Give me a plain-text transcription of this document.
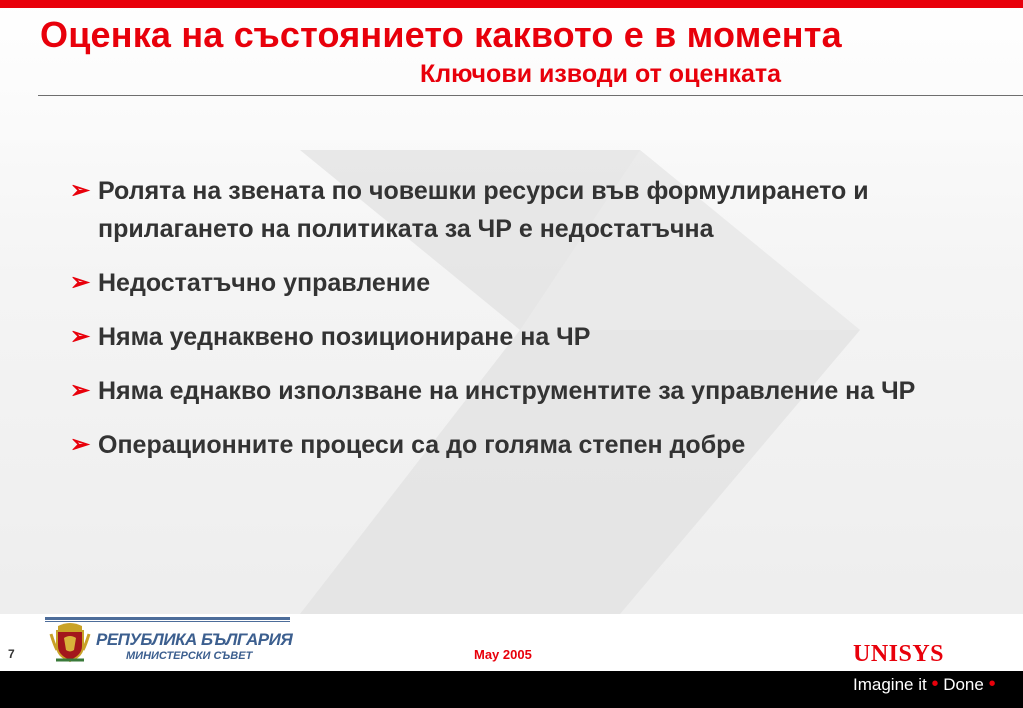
Оценка на състоянието каквото е в момента
Ключови изводи от оценката
➢ Ролята на звената по човешки ресурси във формулирането и прилагането на политиката за ЧР е недостатъчна
➢ Недостатъчно управление
➢ Няма уеднаквено позициониране на ЧР
➢ Няма еднакво използване на инструментите за управление на ЧР
➢ Операционните процеси са до голяма степен добре
7
РЕПУБЛИКА БЪЛГАРИЯ
МИНИСТЕРСКИ СЪВЕТ	May 2005	UNISYS
Imagine it • Done •
